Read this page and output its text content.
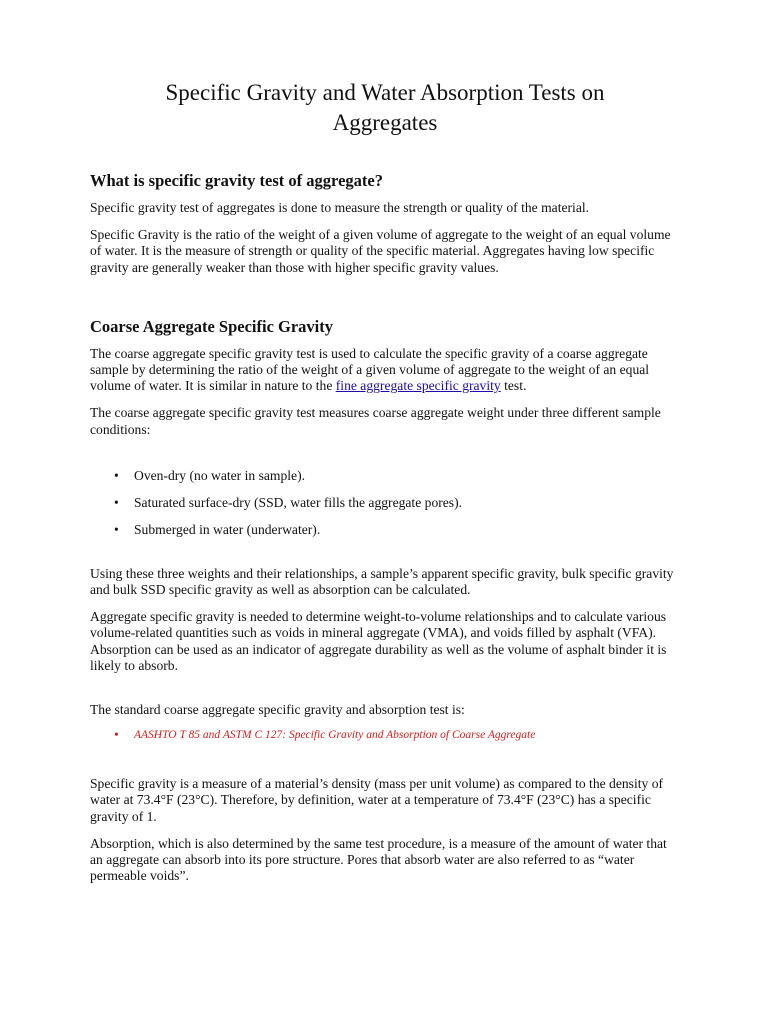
Specific Gravity and Water Absorption Tests on
Aggregates
What is specific gravity test of aggregate?

Specific gravity test of aggregates is done to measure the strength or quality of the material.

Specific Gravity is the ratio of the weight of a given volume of aggregate to the weight of an equal volume of water. It is the measure of strength or quality of the specific material. Aggregates having low specific gravity are generally weaker than those with higher specific gravity values.

Coarse Aggregate Specific Gravity

The coarse aggregate specific gravity test is used to calculate the specific gravity of a coarse aggregate sample by determining the ratio of the weight of a given volume of aggregate to the weight of an equal volume of water. It is similar in nature to the fine aggregate specific gravity test.

The coarse aggregate specific gravity test measures coarse aggregate weight under three different sample conditions:

• Oven-dry (no water in sample).
• Saturated surface-dry (SSD, water fills the aggregate pores).
• Submerged in water (underwater).

Using these three weights and their relationships, a sample’s apparent specific gravity, bulk specific gravity and bulk SSD specific gravity as well as absorption can be calculated.

Aggregate specific gravity is needed to determine weight-to-volume relationships and to calculate various volume-related quantities such as voids in mineral aggregate (VMA), and voids filled by asphalt (VFA). Absorption can be used as an indicator of aggregate durability as well as the volume of asphalt binder it is likely to absorb.

The standard coarse aggregate specific gravity and absorption test is:

• AASHTO T 85 and ASTM C 127: Specific Gravity and Absorption of Coarse Aggregate

Specific gravity is a measure of a material’s density (mass per unit volume) as compared to the density of water at 73.4°F (23°C). Therefore, by definition, water at a temperature of 73.4°F (23°C) has a specific gravity of 1.

Absorption, which is also determined by the same test procedure, is a measure of the amount of water that an aggregate can absorb into its pore structure. Pores that absorb water are also referred to as “water permeable voids”.
